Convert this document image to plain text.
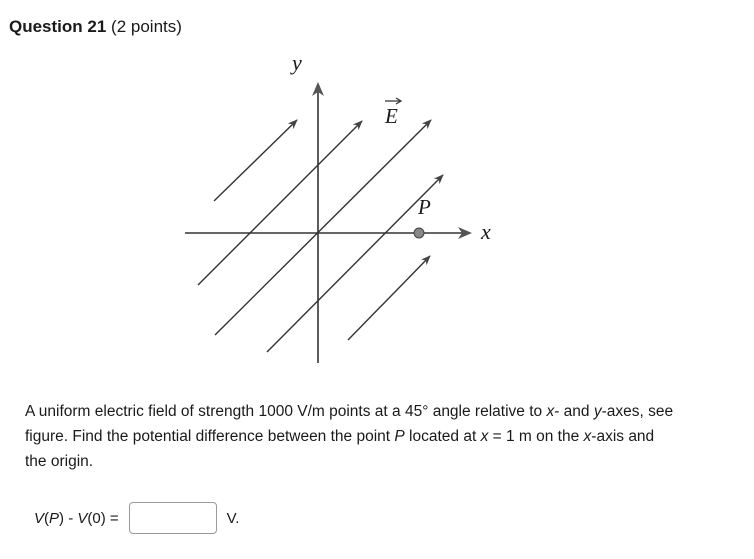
Question 21 (2 points)
y
x
E
P
A uniform electric field of strength 1000 V/m points at a 45° angle relative to x- and y-axes, see figure. Find the potential difference between the point P located at x = 1 m on the x-axis and the origin.
V(P) - V(0) =	V.
